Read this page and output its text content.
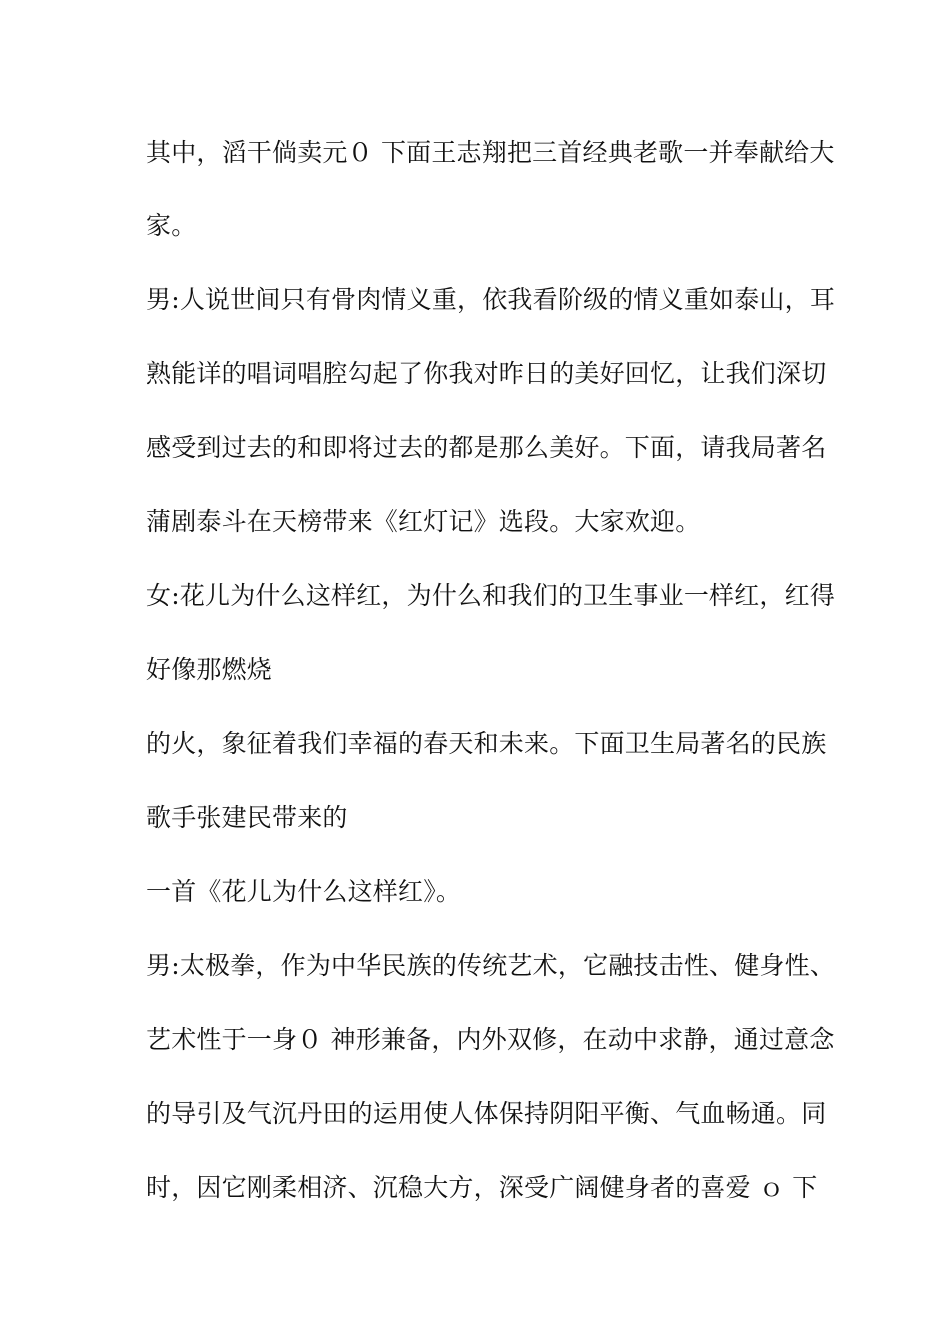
其中，滔干倘卖元０ 下面王志翔把三首经典老歌一并奉献给大
家。
男:人说世间只有骨肉情义重，依我看阶级的情义重如泰山，耳
熟能详的唱词唱腔勾起了你我对昨日的美好回忆，让我们深切
感受到过去的和即将过去的都是那么美好。下面，请我局著名
蒲剧泰斗在天榜带来《红灯记》选段。大家欢迎。
女:花儿为什么这样红，为什么和我们的卫生事业一样红，红得
好像那燃烧
的火，象征着我们幸福的春天和未来。下面卫生局著名的民族
歌手张建民带来的
一首《花儿为什么这样红》。
男:太极拳，作为中华民族的传统艺术，它融技击性、健身性、
艺术性于一身０ 神形兼备，内外双修，在动中求静，通过意念
的导引及气沉丹田的运用使人体保持阴阳平衡、气血畅通。同
时，因它刚柔相济、沉稳大方，深受广阔健身者的喜爱 ｏ 下
